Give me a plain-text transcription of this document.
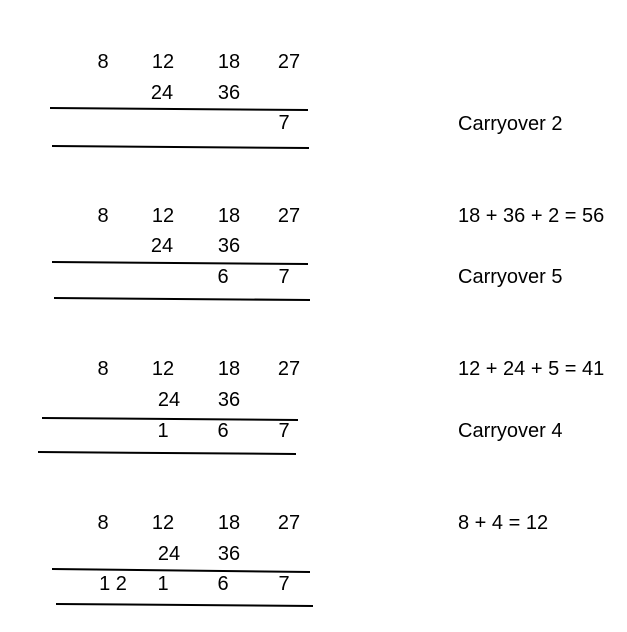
8 12 18 27
24 36
7	Carryover 2
8 12 18 27
24 36
6 7
18 + 36 + 2 = 56
Carryover 5
8 12 18 27
24 36
1 6 7
12 + 24 + 5 = 41
Carryover 4
8 12 18 27
24 36
1 2 1 6 7
8 + 4 = 12
